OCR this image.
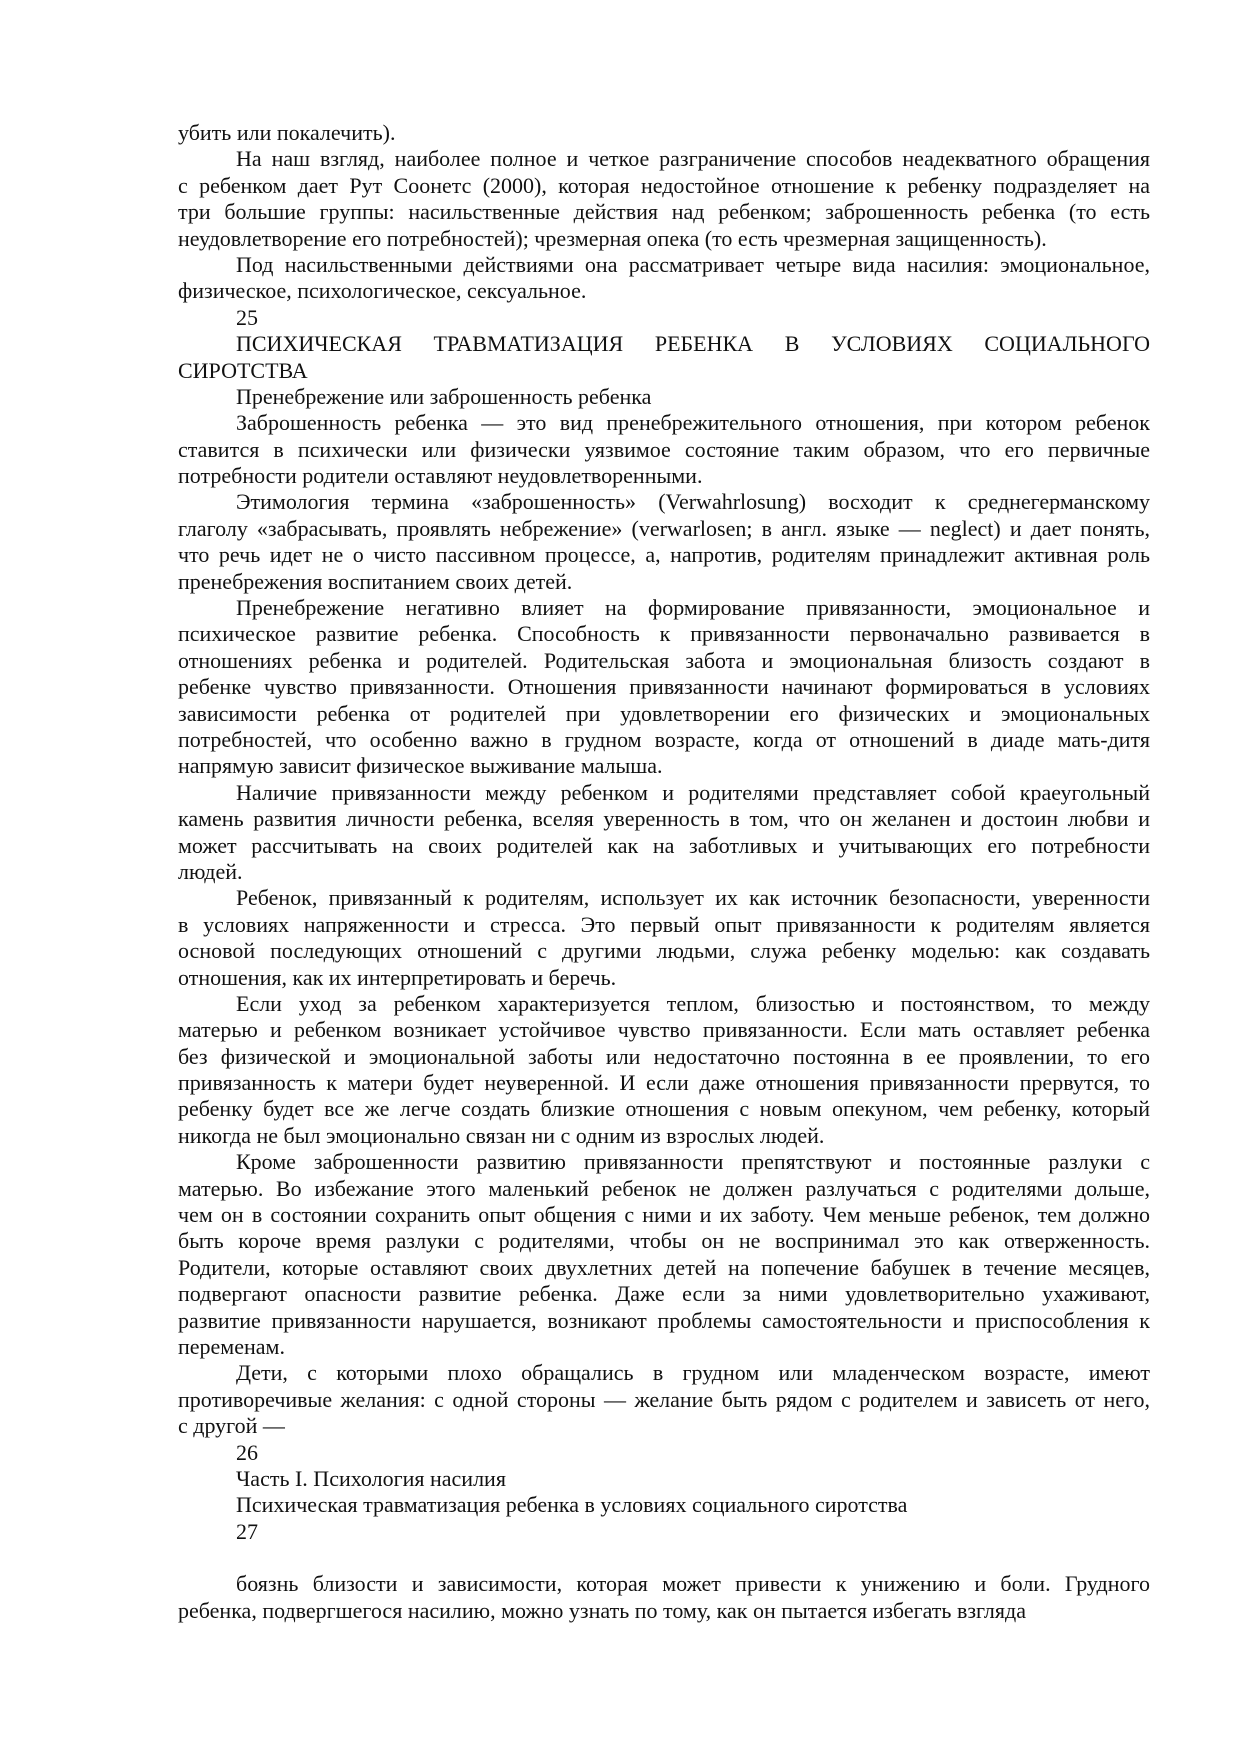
убить или покалечить).
На наш взгляд, наиболее полное и четкое разграничение способов неадекватного обращения
с ребенком дает Рут Соонетс (2000), которая недостойное отношение к ребенку подразделяет на
три большие группы: насильственные действия над ребенком; заброшенность ребенка (то есть
неудовлетворение его потребностей); чрезмерная опека (то есть чрезмерная защищенность).
Под насильственными действиями она рассматривает четыре вида насилия: эмоциональное,
физическое, психологическое, сексуальное.
25
ПСИХИЧЕСКАЯ ТРАВМАТИЗАЦИЯ РЕБЕНКА В УСЛОВИЯХ СОЦИАЛЬНОГО
СИРОТСТВА
Пренебрежение или заброшенность ребенка
Заброшенность ребенка — это вид пренебрежительного отношения, при котором ребенок
ставится в психически или физически уязвимое состояние таким образом, что его первичные
потребности родители оставляют неудовлетворенными.
Этимология термина «заброшенность» (Verwahrlosung) восходит к среднегерманскому
глаголу «забрасывать, проявлять небрежение» (verwarlosen; в англ. языке — neglect) и дает понять,
что речь идет не о чисто пассивном процессе, а, напротив, родителям принадлежит активная роль
пренебрежения воспитанием своих детей.
Пренебрежение негативно влияет на формирование привязанности, эмоциональное и
психическое развитие ребенка. Способность к привязанности первоначально развивается в
отношениях ребенка и родителей. Родительская забота и эмоциональная близость создают в
ребенке чувство привязанности. Отношения привязанности начинают формироваться в условиях
зависимости ребенка от родителей при удовлетворении его физических и эмоциональных
потребностей, что особенно важно в грудном возрасте, когда от отношений в диаде мать-дитя
напрямую зависит физическое выживание малыша.
Наличие привязанности между ребенком и родителями представляет собой краеугольный
камень развития личности ребенка, вселяя уверенность в том, что он желанен и достоин любви и
может рассчитывать на своих родителей как на заботливых и учитывающих его потребности
людей.
Ребенок, привязанный к родителям, использует их как источник безопасности, уверенности
в условиях напряженности и стресса. Это первый опыт привязанности к родителям является
основой последующих отношений с другими людьми, служа ребенку моделью: как создавать
отношения, как их интерпретировать и беречь.
Если уход за ребенком характеризуется теплом, близостью и постоянством, то между
матерью и ребенком возникает устойчивое чувство привязанности. Если мать оставляет ребенка
без физической и эмоциональной заботы или недостаточно постоянна в ее проявлении, то его
привязанность к матери будет неуверенной. И если даже отношения привязанности прервутся, то
ребенку будет все же легче создать близкие отношения с новым опекуном, чем ребенку, который
никогда не был эмоционально связан ни с одним из взрослых людей.
Кроме заброшенности развитию привязанности препятствуют и постоянные разлуки с
матерью. Во избежание этого маленький ребенок не должен разлучаться с родителями дольше,
чем он в состоянии сохранить опыт общения с ними и их заботу. Чем меньше ребенок, тем должно
быть короче время разлуки с родителями, чтобы он не воспринимал это как отверженность.
Родители, которые оставляют своих двухлетних детей на попечение бабушек в течение месяцев,
подвергают опасности развитие ребенка. Даже если за ними удовлетворительно ухаживают,
развитие привязанности нарушается, возникают проблемы самостоятельности и приспособления к
переменам.
Дети, с которыми плохо обращались в грудном или младенческом возрасте, имеют
противоречивые желания: с одной стороны — желание быть рядом с родителем и зависеть от него,
с другой —
26
Часть I. Психология насилия
Психическая травматизация ребенка в условиях социального сиротства
27
боязнь близости и зависимости, которая может привести к унижению и боли. Грудного
ребенка, подвергшегося насилию, можно узнать по тому, как он пытается избегать взгляда
